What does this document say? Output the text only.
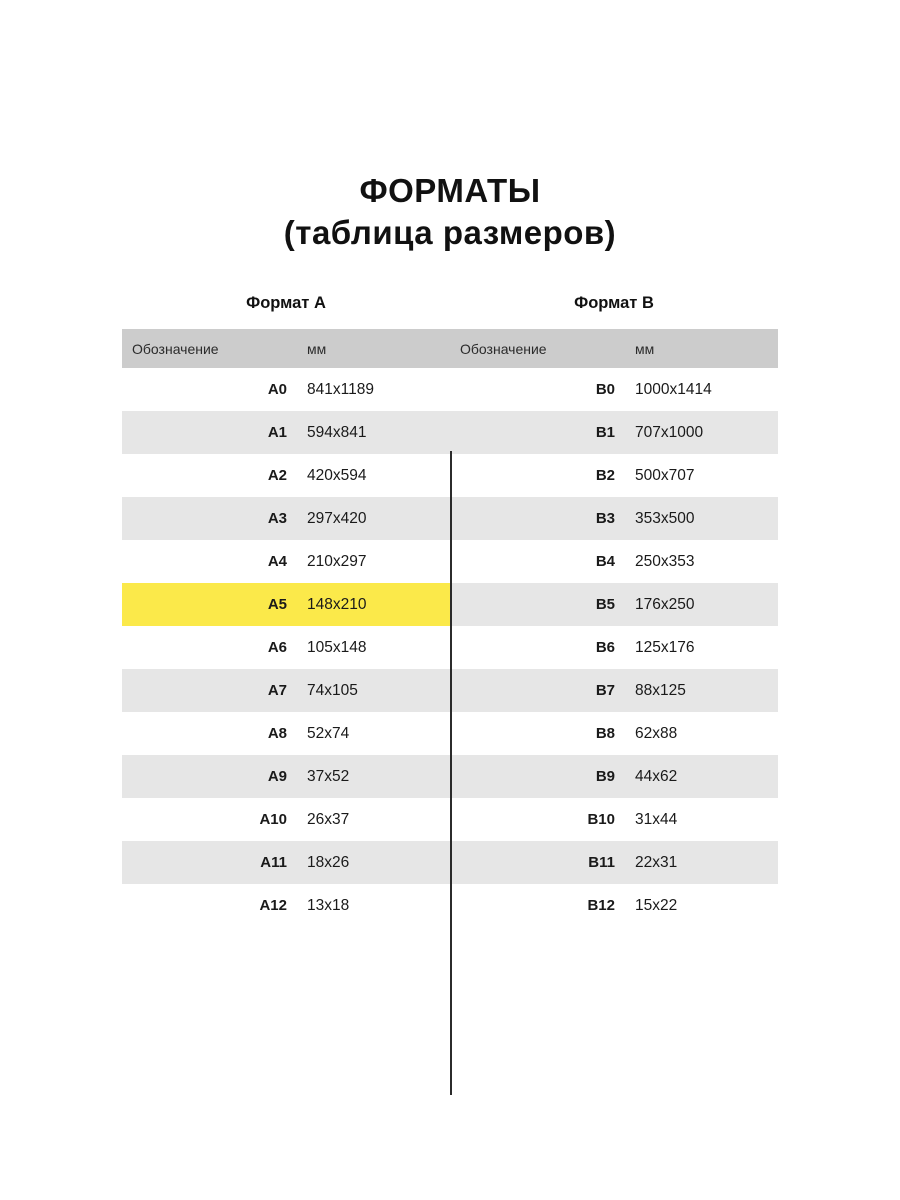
ФОРМАТЫ
(таблица размеров)
Формат А		Формат B	
Обозначение	мм		Обозначение	мм
A0	841x1189		B0	1000x1414
A1	594x841		B1	707x1000
A2	420x594		B2	500x707
A3	297x420		B3	353x500
A4	210x297		B4	250x353
A5	148x210		B5	176x250
A6	105x148		B6	125x176
A7	74x105		B7	88x125
A8	52x74		B8	62x88
A9	37x52		B9	44x62
A10	26x37		B10	31x44
A11	18x26		B11	22x31
A12	13x18		B12	15x22
